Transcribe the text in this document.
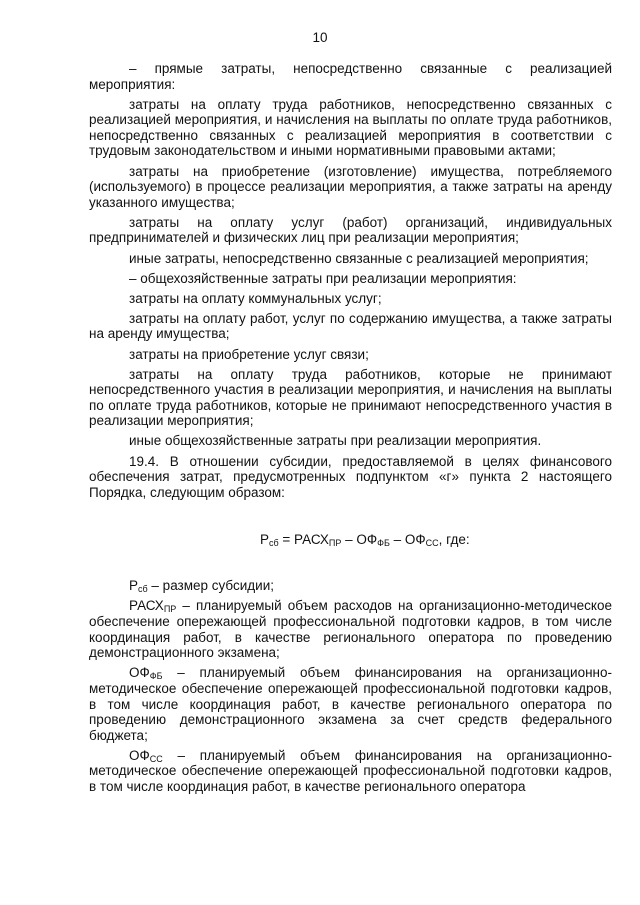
10

– прямые затраты, непосредственно связанные с реализацией мероприятия:

затраты на оплату труда работников, непосредственно связанных с реализацией мероприятия, и начисления на выплаты по оплате труда работников, непосредственно связанных с реализацией мероприятия в соответствии с трудовым законодательством и иными нормативными правовыми актами;

затраты на приобретение (изготовление) имущества, потребляемого (используемого) в процессе реализации мероприятия, а также затраты на аренду указанного имущества;

затраты на оплату услуг (работ) организаций, индивидуальных предпринимателей и физических лиц при реализации мероприятия;

иные затраты, непосредственно связанные с реализацией мероприятия;

– общехозяйственные затраты при реализации мероприятия:

затраты на оплату коммунальных услуг;

затраты на оплату работ, услуг по содержанию имущества, а также затраты на аренду имущества;

затраты на приобретение услуг связи;

затраты на оплату труда работников, которые не принимают непосредственного участия в реализации мероприятия, и начисления на выплаты по оплате труда работников, которые не принимают непосредственного участия в реализации мероприятия;

иные общехозяйственные затраты при реализации мероприятия.

19.4. В отношении субсидии, предоставляемой в целях финансового обеспечения затрат, предусмотренных подпунктом «г» пункта 2 настоящего Порядка, следующим образом:

$Р_{сб}$ = $РАСХ_{ПР} - ОФ_{ФБ} - ОФ_{СС}$, где:

$Р_{сб}$ – размер субсидии;

$РАСХ_{ПР}$ – планируемый объем расходов на организационно-методическое обеспечение опережающей профессиональной подготовки кадров, в том числе координация работ, в качестве регионального оператора по проведению демонстрационного экзамена;

$ОФ_{ФБ}$ – планируемый объем финансирования на организационно-методическое обеспечение опережающей профессиональной подготовки кадров, в том числе координация работ, в качестве регионального оператора по проведению демонстрационного экзамена за счет средств федерального бюджета;

$ОФ_{СС}$ – планируемый объем финансирования на организационно-методическое обеспечение опережающей профессиональной подготовки кадров, в том числе координация работ, в качестве регионального оператора
